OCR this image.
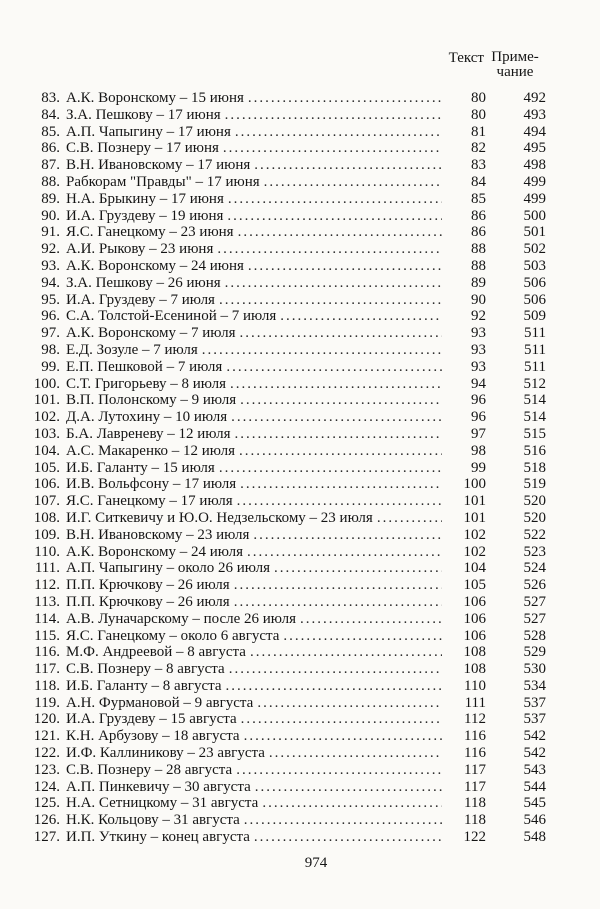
Текст Приме-
чание
83. А.К. Воронскому – 15 июня .....	80	492
84. З.А. Пешкову – 17 июня .....	80	493
85. А.П. Чапыгину – 17 июня .....	81	494
86. С.В. Познеру – 17 июня .....	82	495
87. В.Н. Ивановскому – 17 июня .....	83	498
88. Рабкорам "Правды" – 17 июня .....	84	499
89. Н.А. Брыкину – 17 июня .....	85	499
90. И.А. Груздеву – 19 июня .....	86	500
91. Я.С. Ганецкому – 23 июня .....	86	501
92. А.И. Рыкову – 23 июня .....	88	502
93. А.К. Воронскому – 24 июня .....	88	503
94. З.А. Пешкову – 26 июня .....	89	506
95. И.А. Груздеву – 7 июля .....	90	506
96. С.А. Толстой-Есениной – 7 июля .....	92	509
97. А.К. Воронскому – 7 июля .....	93	511
98. Е.Д. Зозуле – 7 июля .....	93	511
99. Е.П. Пешковой – 7 июля .....	93	511
100. С.Т. Григорьеву – 8 июля .....	94	512
101. В.П. Полонскому – 9 июля .....	96	514
102. Д.А. Лутохину – 10 июля .....	96	514
103. Б.А. Лавреневу – 12 июля .....	97	515
104. А.С. Макаренко – 12 июля .....	98	516
105. И.Б. Галанту – 15 июля .....	99	518
106. И.В. Вольфсону – 17 июля .....	100	519
107. Я.С. Ганецкому – 17 июля .....	101	520
108. И.Г. Ситкевичу и Ю.О. Недзельскому – 23 июля .....	101	520
109. В.Н. Ивановскому – 23 июля .....	102	522
110. А.К. Воронскому – 24 июля .....	102	523
111. А.П. Чапыгину – около 26 июля .....	104	524
112. П.П. Крючкову – 26 июля .....	105	526
113. П.П. Крючкову – 26 июля .....	106	527
114. А.В. Луначарскому – после 26 июля .....	106	527
115. Я.С. Ганецкому – около 6 августа .....	106	528
116. М.Ф. Андреевой – 8 августа .....	108	529
117. С.В. Познеру – 8 августа .....	108	530
118. И.Б. Галанту – 8 августа .....	110	534
119. А.Н. Фурмановой – 9 августа .....	111	537
120. И.А. Груздеву – 15 августа .....	112	537
121. К.Н. Арбузову – 18 августа .....	116	542
122. И.Ф. Каллиникову – 23 августа .....	116	542
123. С.В. Познеру – 28 августа .....	117	543
124. А.П. Пинкевичу – 30 августа .....	117	544
125. Н.А. Сетницкому – 31 августа .....	118	545
126. Н.К. Кольцову – 31 августа .....	118	546
127. И.П. Уткину – конец августа .....	122	548
974
